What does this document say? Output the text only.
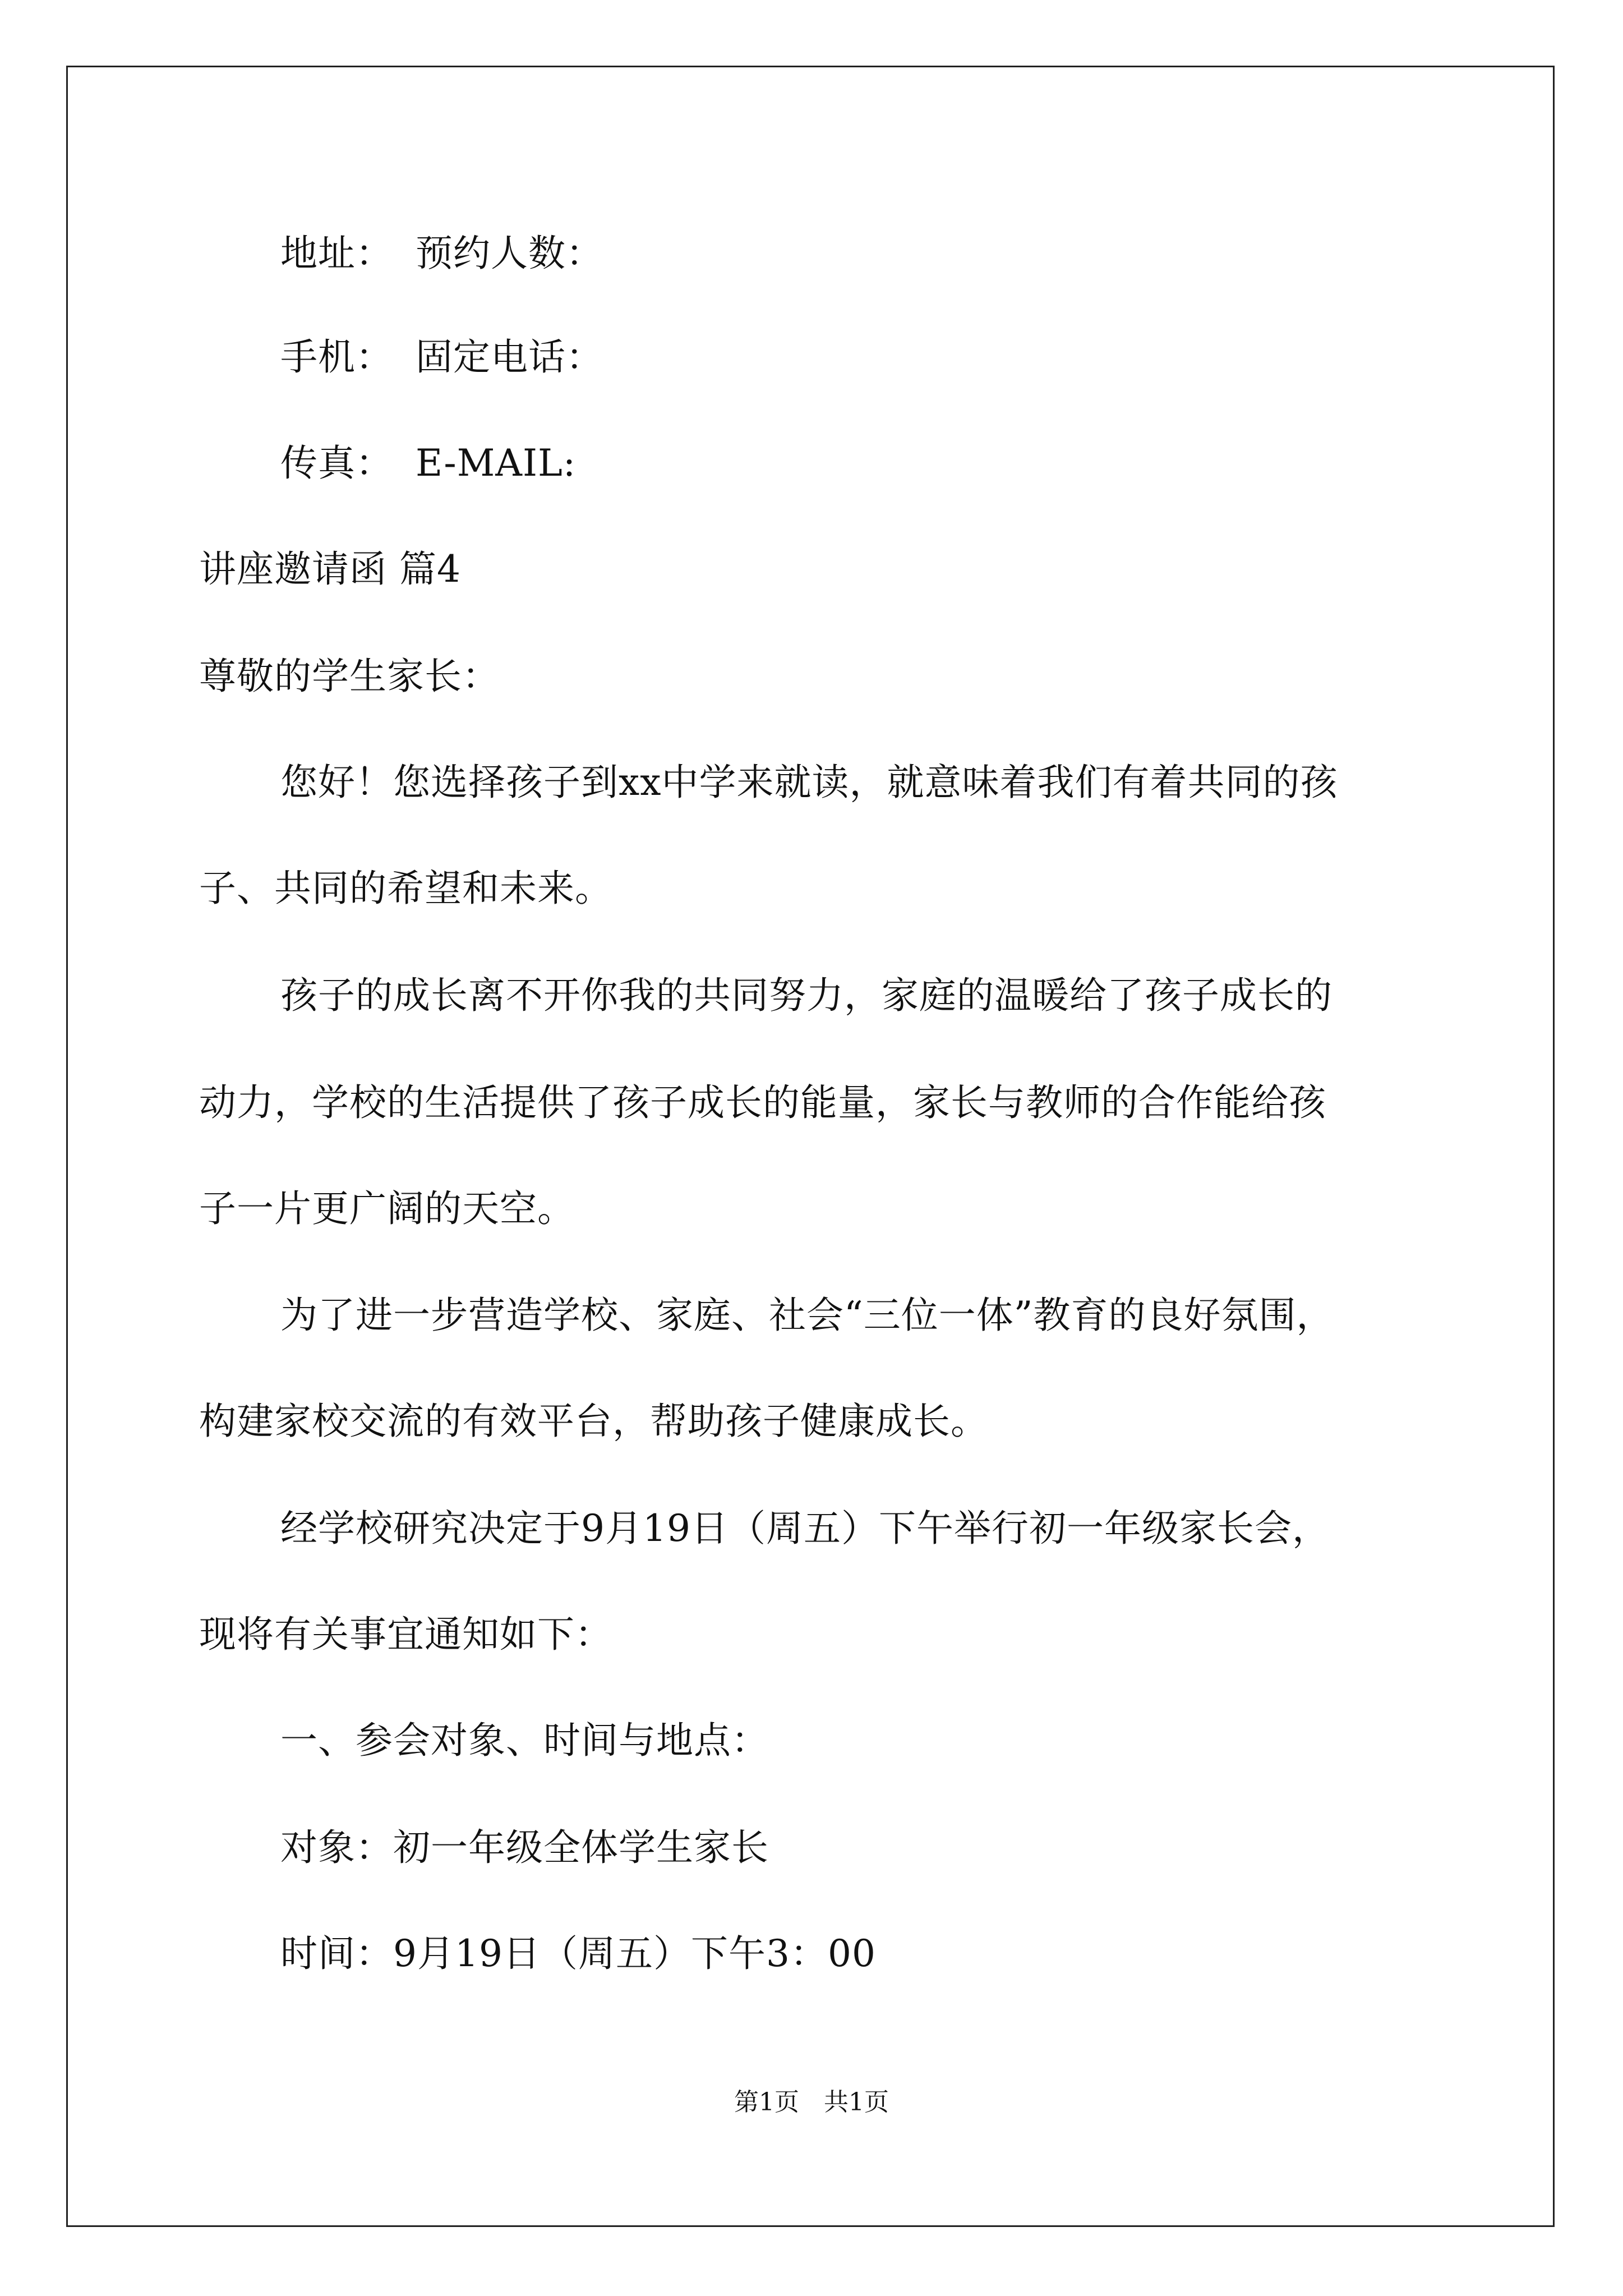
地址： 预约人数：
手机： 固定电话：
传真： E-MAIL:
讲座邀请函 篇4
尊敬的学生家长：
您好！您选择孩子到xx中学来就读，就意味着我们有着共同的孩
子、共同的希望和未来。
孩子的成长离不开你我的共同努力，家庭的温暖给了孩子成长的
动力，学校的生活提供了孩子成长的能量，家长与教师的合作能给孩
子一片更广阔的天空。
为了进一步营造学校、家庭、社会“三位一体”教育的良好氛围，
构建家校交流的有效平台，帮助孩子健康成长。
经学校研究决定于9月19日（周五）下午举行初一年级家长会，
现将有关事宜通知如下：
一、参会对象、时间与地点：
对象：初一年级全体学生家长
时间：9月19日（周五）下午3：00
第1页 共1页
